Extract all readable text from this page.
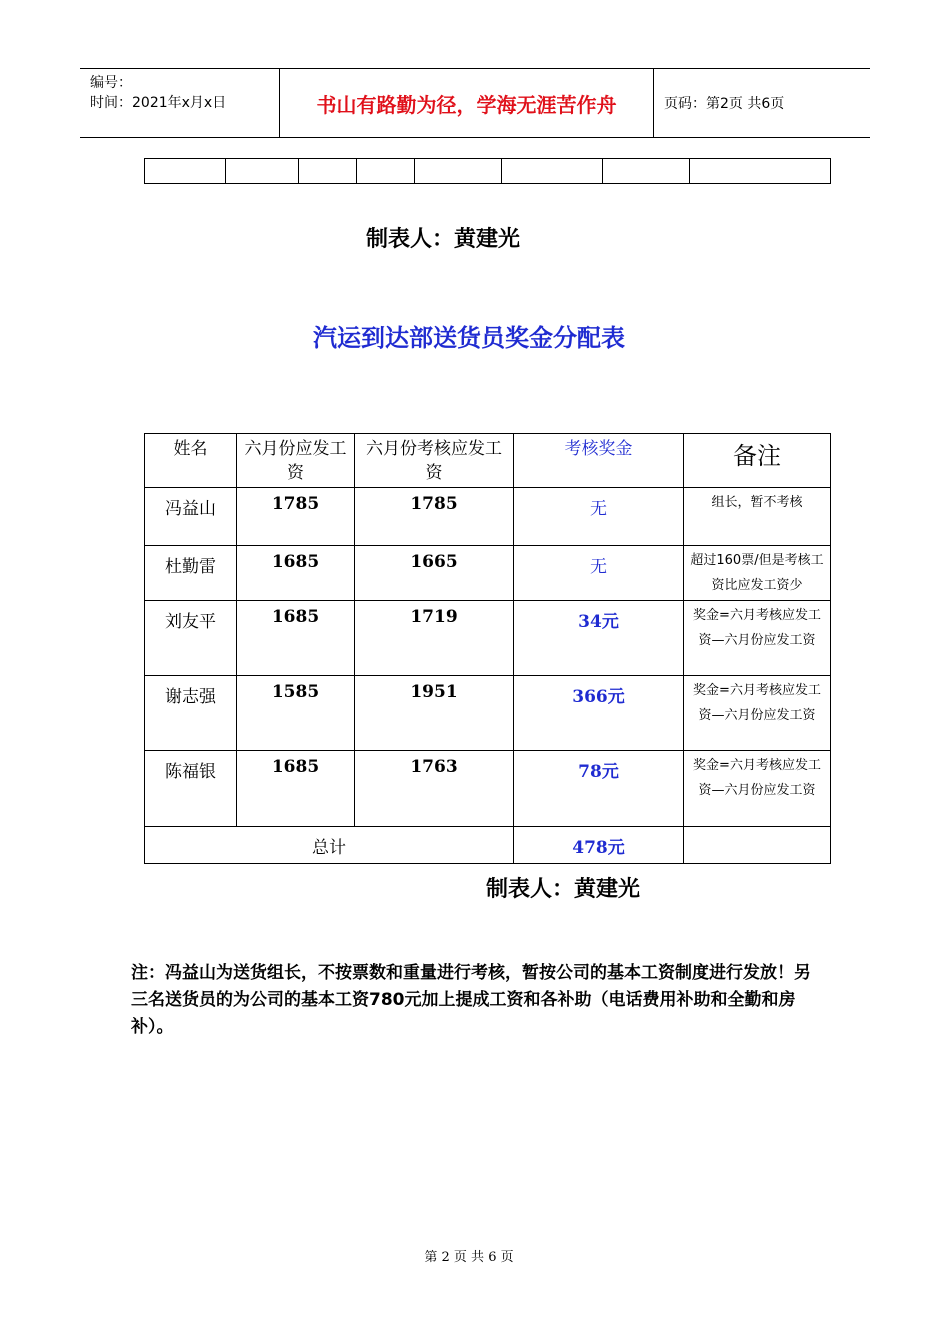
编号：
时间：2021年x月x日	书山有路勤为径，学海无涯苦作舟	页码：第2页 共6页

制表人：黄建光
汽运到达部送货员奖金分配表
姓名	六月份应发工资	六月份考核应发工资	考核奖金	备注
冯益山	1785	1785	无	组长，暂不考核
杜勤雷	1685	1665	无	超过160票/但是考核工资比应发工资少
刘友平	1685	1719	34元	奖金=六月考核应发工资—六月份应发工资
谢志强	1585	1951	366元	奖金=六月考核应发工资—六月份应发工资
陈福银	1685	1763	78元	奖金=六月考核应发工资—六月份应发工资
总计			478元	
制表人：黄建光
注：冯益山为送货组长，不按票数和重量进行考核，暂按公司的基本工资制度进行发放！另三名送货员的为公司的基本工资780元加上提成工资和各补助（电话费用补助和全勤和房补）。
第 2 页 共 6 页
